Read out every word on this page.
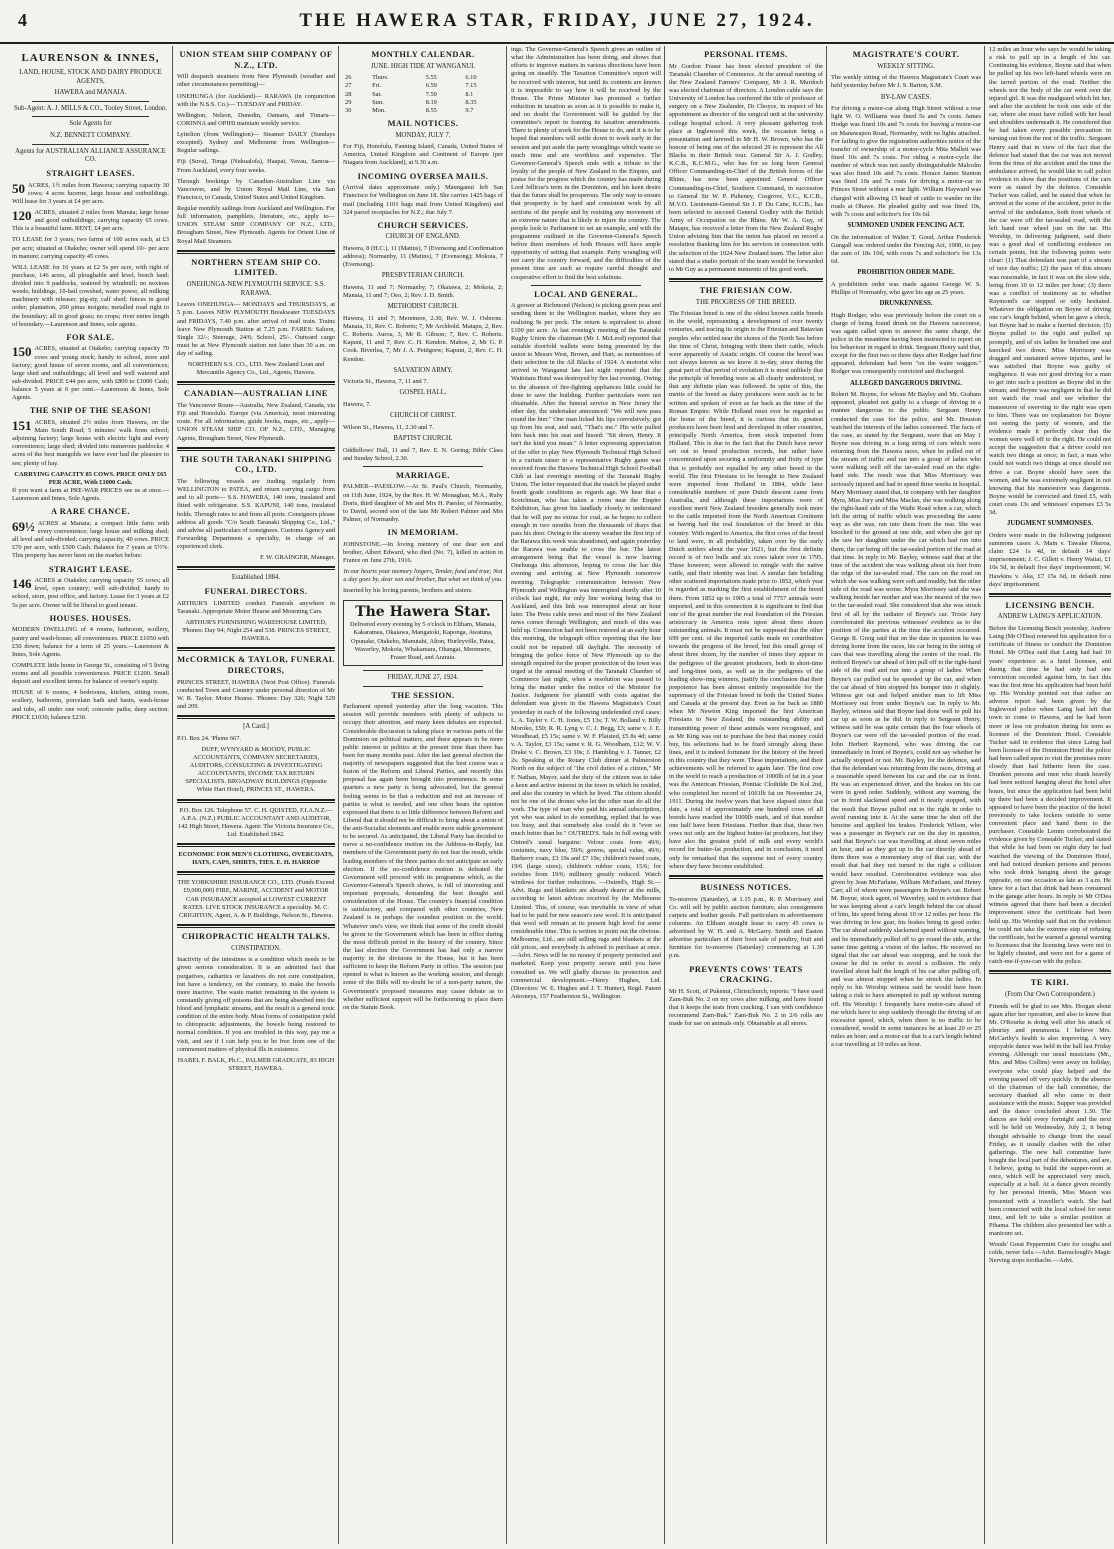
4	THE HAWERA STAR, FRIDAY, JUNE 27, 1924.
LAURENSON & INNES,
LAND, HOUSE, STOCK AND DAIRY PRODUCE AGENTS,
HAWERA and MANAIA.
Sub-Agent: A. J. MILLS & CO., Tooley Street, London.
Sole Agents for
N.Z. BENNETT COMPANY.
Agents for AUSTRALIAN ALLIANCE ASSURANCE CO.
STRAIGHT LEASES.
50 ACRES, 1½ miles from Hawera; carrying capacity 30 cows; 4 acres lucerne, large house and outbuildings. Will lease for 3 years at £4 per acre.
120 ACRES, situated 2 miles from Manaia; large house and good outbuildings; carrying capacity 65 cows. This is a beautiful farm. RENT, £4 per acre.
TO LEASE for 3 years, two farms of 100 acres each, at £3 per acre; situated at Otakeho; owner will spend 10/- per acre in manure; carrying capacity 45 cows.
WILL LEASE for 10 years at £2 5s per acre, with right of purchase, 146 acres, all ploughable and level, bench land; divided into 9 paddocks, watered by windmill; no noxious weeds; buildings, 10-bail cowshed, water power, all milking machinery with releaser, pig-sty, calf shed; fences in good order; plantation, 200 pinus insignis; metalled road right to the boundary; all in good grass; no crops; river entire length of boundary.—Laurenson and Innes, sole agents.
FOR SALE.
150 ACRES, situated at Otakeho; carrying capacity 70 cows and young stock; handy to school, store and factory; good house of seven rooms, and all conveniences; large shed and outbuildings; all level and well watered and sub-divided. PRICE £44 per acre, with £800 to £1000 Cash; balance 5 years at 6 per cent.—Laurenson & Innes, Sole Agents.
THE SNIP OF THE SEASON!
151 ACRES, situated 2½ miles from Hawera, on the Main South Road; 5 minutes' walk from school; adjoining factory; large house with electric light and every convenience; large shed; divided into numerous paddocks; 4 acres of the best mangolds we have ever had the pleasure to see; plenty of hay.
CARRYING CAPACITY 85 COWS. PRICE ONLY £65 PER ACRE, With £1000 Cash.
If you want a farm at PRE-WAR PRICES see us at once.—Laurenson and Innes, Sole Agents.
A RARE CHANCE.
69½ ACRES at Manaia; a compact little farm with every convenience; large house and milking shed; all level and sub-divided; carrying capacity, 40 cows. PRICE £70 per acre, with £500 Cash. Balance for 7 years at 5½%. This property has never been on the market before.
STRAIGHT LEASE.
146 ACRES at Otakeho; carrying capacity 55 cows; all level, open country; well sub-divided; handy to school, store, post office, and factory. Lease for 3 years at £2 5s per acre. Owner will be liberal to good tenant.
HOUSES. HOUSES.
MODERN DWELLING of 4 rooms, bathroom, scullery, pantry and wash-house; all conveniences. PRICE £1050 with £50 down; balance for a term of 25 years.—Laurenson & Innes, Sole Agents.
COMPLETE little home in George St., consisting of 5 living rooms and all possible conveniences. PRICE £1200. Small deposit and excellent terms for balance of owner's equity.
HOUSE of 6 rooms, 4 bedrooms, kitchen, sitting room, scullery, bathroom, porcelain bath and basin, wash-house and tubs, all under one roof; concrete paths; deep section. PRICE £1030; balance £230.
UNION STEAM SHIP COMPANY OF N.Z., LTD.
Will despatch steamers from New Plymouth (weather and other circumstances permitting)—
ONEHUNGA (for Auckland)— RARAWA (in conjunction with the N.S.S. Co.)— TUESDAY and FRIDAY.
Wellington, Nelson, Dunedin, Oamaru, and Timaru— CORINNA and OPIHI maintain weekly service.
Lyttelton (from Wellington)— Steamer DAILY (Sundays excepted). Sydney and Melbourne from Wellington—Regular sailings.
Fiji (Suva), Tonga (Nukualofa), Haapai, Vavau, Samoa— From Auckland, every four weeks.
Through bookings by Canadian-Australian Line via Vancouver, and by Union Royal Mail Line, via San Francisco, to Canada, United States and United Kingdom.
Regular monthly sailings from Auckland and Wellington. For full information, pamphlets, literature, etc., apply to— UNION STEAM SHIP COMPANY OF N.Z., LTD., Brougham Street, New Plymouth. Agents for Orient Line of Royal Mail Steamers.
NORTHERN STEAM SHIP CO. LIMITED.
ONEHUNGA-NEW PLYMOUTH SERVICE. S.S. RARAWA.
Leaves ONEHUNGA— MONDAYS and THURSDAYS, at 5 p.m. Leaves NEW PLYMOUTH Breakwater TUESDAYS and FRIDAYS, 7.40 p.m. after arrival of mail train. Trains leave New Plymouth Station at 7.25 p.m. FARES: Saloon, Single 32/-; Steerage, 24/6; School, 25/-. Outward cargo must be at New Plymouth station not later than 30 a.m. on day of sailing.
NORTHERN S.S. CO., LTD. New Zealand Loan and Mercantile Agency Co., Ltd., Agents, Hawera.
CANADIAN—AUSTRALIAN LINE
The Vancouver Route—Australia, New Zealand, Canada, via Fiji and Honolulu. Europe (via America), most interesting route. For all information, guide books, maps, etc., apply— UNION STEAM SHIP CO. OF N.Z., LTD., Managing Agents, Brougham Street, New Plymouth.
THE SOUTH TARANAKI SHIPPING CO., LTD.
The following vessels are trading regularly from WELLINGTON to PATEA, and return carrying cargo from and to all ports— S.S. HAWERA, 140 tons, insulated and fitted with refrigerator. S.S. KAPUNI, 140 tons, insulated holds. Through rates to and from all ports. Consignors please address all goods "C/o South Taranaki Shipping Co., Ltd.," and advise all particulars of consignees. Customs Agency and Forwarding Department a specialty, in charge of an experienced clerk.
F. W. GRAINGER, Manager.
Established 1884.
FUNERAL DIRECTORS.
ARTHUR'S LIMITED conduct Funerals anywhere in Taranaki. Appropriate Motor Hearse and Mourning Cars.
ARTHUR'S FURNISHING WAREHOUSE LIMITED, 'Phones: Day 94; Night 254 and 538. PRINCES STREET, HAWERA.
McCORMICK & TAYLOR, FUNERAL DIRECTORS,
PRINCES STREET, HAWERA (Next Post Office). Funerals conducted Town and Country under personal direction of Mr W. R. Taylor. Motor Hearse. 'Phones: Day 326; Night 529 and 209.
[A Card.]
P.O. Box 24. 'Phone 667.
DUFF, WYNYARD & MOODY, PUBLIC ACCOUNTANTS, COMPANY SECRETARIES, AUDITORS, CONSULTING & INVESTIGATING ACCOUNTANTS, INCOME TAX RETURN SPECIALISTS. BROADWAY BUILDINGS (Opposite White Hart Hotel), PRINCES ST., HAWERA.
P.O. Box 126. Telephone 57. C. H. QUISTED, F.I.A.N.Z.—A.P.A. (N.Z.) PUBLIC ACCOUNTANT AND AUDITOR, 142 High Street, Hawera. Agent: The Victoria Insurance Co., Ltd. Established 1842.
ECONOMIC FOR MEN'S CLOTHING, OVERCOATS, HATS, CAPS, SHIRTS, TIES. E. H. HARROP
THE YORKSHIRE INSURANCE CO., LTD. (Funds Exceed £9,000,000) FIRE, MARINE, ACCIDENT and MOTOR CAR INSURANCE accepted at LOWEST CURRENT RATES. LIVE STOCK INSURANCE a speciality. M. C. CRIGHTON, Agent, A. & P. Buildings, Nelson St., Hawera.
CHIROPRACTIC HEALTH TALKS.
CONSTIPATION.
Inactivity of the intestines is a condition which needs to be given serious consideration. It is an admitted fact that purgatives, cathartics or laxatives do not cure constipation, but have a tendency, on the contrary, to make the bowels more inactive. The waste matter remaining in the system is constantly giving off poisons that are being absorbed into the blood and lymphatic streams, and the result is a general toxic condition of the entire body. Most forms of constipation yield to chiropractic adjustments, the bowels being restored to normal condition. If you are troubled in this way, pay me a visit, and see if I can help you to be free from one of the commonest matters of physical ills in existence.
ISABEL F. BALK, Ph.C., PALMER GRADUATE, 83 HIGH STREET, HAWERA.
MONTHLY CALENDAR.
JUNE. HIGH TIDE AT WANGANUI.
26	Thurs.	5.55	6.10
27	Fri.	6.59	7.15
28	Sat.	7.50	8.1
29	Sun.	8.19	8.35
30	Mon.	8.55	9.7
MAIL NOTICES.
MONDAY, JULY 7.
For Fiji, Honolulu, Fanning Island, Canada, United States of America, United Kingdom and Continent of Europe (per Niagara from Auckland), at 9.30 a.m.
INCOMING OVERSEA MAILS.
(Arrival dates approximate only.) Maunganui left San Francisco for Wellington on June 18. She carries 1425 bags of mail (including 1101 bags mail from United Kingdom) and 324 parcel receptacles for N.Z.; due July 7.
CHURCH SERVICES.
CHURCH OF ENGLAND.
Hawera, 8 (H.C.), 11 (Matins), 7 (Evensong and Confirmation address); Normanby, 11 (Matins), 7 (Evensong); Mokoia, 7 (Evensong).
PRESBYTERIAN CHURCH.
Hawera, 11 and 7; Normanby, 7; Okaiawa, 2; Mokoia, 2; Manaia, 11 and 7; Oeo, 2; Rev. J. D. Smith.
METHODIST CHURCH.
Hawera, 11 and 7; Meremere, 2.30, Rev. W. J. Osborne. Manaia, 11, Rev. C. Roberts; 7, Mr Archbold. Matapu, 2, Rev. C. Roberts. Auroa, 3, Mr R. Gibson; 7, Rev. C. Roberts. Kapuni, 11 and 7, Rev. C. H. Kendon. Mahoe, 2, Mr G. P. Cook. Riverlea, 7, Mr J. A. Pettigrew; Kapuni, 2, Rev. C. H. Kendon.
SALVATION ARMY.
Victoria St., Hawera, 7, 11 and 7.
GOSPEL HALL.
Hawera, 7.
CHURCH OF CHRIST.
Wilson St., Hawera, 11, 2.30 and 7.
BAPTIST CHURCH.
Oddfellows' Hall, 11 and 7, Rev. E. N. Goring; Bible Class and Sunday School, 2.30.
MARRIAGE.
PALMER—PAESLOW.—At St. Paul's Church, Normanby, on 11th June, 1924, by the Rev. H. W. Monaghan, M.A., Ruby Doris, third daughter of Mr and Mrs H. Paesler, of Normanby, to David, second son of the late Mr Robert Palmer and Mrs Palmer, of Normanby.
IN MEMORIAM.
JOHNSTONE.—In loving memory of our dear son and brother, Albert Edward, who died (No. 7), killed in action in France on June 27th, 1916.
In our hearts your memory lingers, Tender, fond and true; Not a day goes by, dear son and brother, But what we think of you.
Inserted by his loving parents, brothers and sisters.
The Hawera Star.
Delivered every evening by 5 o'clock in Eltham, Manaia, Kakaramea, Okaiawa, Mangatoki, Kaponga, Awatuna, Opunake, Otakeho, Manutahi, Alton, Hurleyville, Patea, Waverley, Mokoia, Whakamara, Ohangai, Meremere, Fraser Road, and Ararata.
FRIDAY, JUNE 27, 1924.
THE SESSION.
Parliament opened yesterday after the long vacation. This session will provide members with plenty of subjects to occupy their attention, and many keen debates are expected. Considerable discussion is taking place in various parts of the Dominion on political matters, and there appears to be more public interest in politics at the present time than there has been for many months past. After the last general election the majority of newspapers suggested that the best course was a fusion of the Reform and Liberal Parties, and recently this proposal has again been brought into prominence. In some quarters a new party is being advocated, but the general feeling seems to be that a reduction and not an increase of parties is what is needed, and one often hears the opinion expressed that there is so little difference between Reform and Liberal that it should not be difficult to bring about a union of the anti-Socialist elements and enable more stable government to be secured. As anticipated, the Liberal Party has decided to move a no-confidence motion on the Address-in-Reply, but members of the Government party do not fear the result, while leading members of the three parties do not anticipate an early election. If the no-confidence motion is defeated the Government will proceed with its programme which, as the Governor-General's Speech shows, is full of interesting and important proposals, demanding the best thought and consideration of the House. The country's financial condition is satisfactory, and compared with other countries, New Zealand is in perhaps the soundest position in the world. Whatever one's view, we think that some of the credit should be given to the Government which has been in office during the most difficult period in the history of the country. Since the last election the Government has had only a narrow majority in the divisions in the House, but it has been sufficient to keep the Reform Party in office. The session just opened is what is known as the working session, and though some of the Bills will no doubt be of a non-party nature, the Government's proposed measures may cause debate as to whether sufficient support will be forthcoming to place them on the Statute Book.
ings. The Governor-General's Speech gives an outline of what the Administration has been doing, and shows that efforts to improve matters in various directions have been going on steadily. The Taxation Committee's report will be received with interest, but until its contents are known it is impossible to say how it will be received by the House. The Prime Minister has promised a further reduction in taxation as soon as it is possible to make it, and no doubt the Government will be guided by the committee's report in framing its taxation amendments. There is plenty of work for the House to do, and it is to be hoped that members will settle down to work early in the session and put aside the party wranglings which waste so much time and are worthless and expensive. The Governor-General's Speech ends with a tribute to the loyalty of the people of New Zealand to the Empire, and praise for the progress which the country has made during Lord Jellicoe's term in the Dominion, and his keen desire that the future shall be prosperous. The only way to ensure that prosperity is by hard and consistent work by all sections of the people and by resisting any movement of an extreme nature that is likely to injure the country. The people look to Parliament to set an example, and with the programme outlined in the Governor-General's Speech before them members of both Houses will have ample opportunity of setting that example. Party wrangling will not carry the country forward, and the difficulties of the present time are such as require careful thought and cooperative effort to find the best solutions.
LOCAL AND GENERAL.
A grower at Richmond (Nelson) is picking green peas and sending them to the Wellington market, where they are realising 9s per peck. The return is equivalent to about £100 per acre. At last evening's meeting of the Taranaki Rugby Union the chairman (Mr J. McLeod) reported that suitable doorfold wallets were being presented by the union to Messrs West, Brown, and Hart, as mementoes of their selection in the All Blacks of 1924. A motorist who arrived in Wanganui late last night reported that the Waitotara Hotel was destroyed by fire last evening. Owing to the absence of fire-fighting appliances little could be done to save the building. Further particulars were not obtainable. After the funeral service in New Jersey the other day, the undertaker announced: "We will now pass round the bier." One man licked his lips convulsively, got up from his seat, and said, "That's me." His wife pulled him back into his seat and hissed: "Sit down, Henry. It isn't the kind you mean." A letter expressing appreciation of the offer to play New Plymouth Technical High School in a curtain raiser to a representative Rugby game was received from the Hawera Technical High School Football Club at last evening's meeting of the Taranaki Rugby Union. The letter requested that the match be played under fourth grade conditions as regards age. We hear that a Scotchman, who has taken a room near the Empire Exhibition, has given his landlady closely to understand that he will pay no extras for coal, as he hopes to collect enough in two months from the thousands of drays that pass his door. Owing to the stormy weather the first trip of the Rarawa this week was abandoned, and again yesterday the Rarawa was unable to cross the bar. The latest arrangement being that the vessel is now leaving Onehunga this afternoon, hoping to cross the bar this evening and arriving at New Plymouth tomorrow morning. Telegraphic communication between New Plymouth and Wellington was interrupted shortly after 10 o'clock last night, the only line working being that to Auckland, and this link was interrupted about an hour later. The Press cable news and most of the New Zealand news comes through Wellington, and much of this was held up. Connection had not been restored at an early hour this morning, the telegraph office reporting that the line could not be repaired till daylight. The necessity of bringing the police force of New Plymouth up to the strength required for the proper protection of the town was urged at the annual meeting of the Taranaki Chamber of Commerce last night, when a resolution was passed to bring the matter under the notice of the Minister for Justice. Judgment for plaintiff with costs against the defendant was given in the Hawera Magistrate's Court yesterday in each of the following undefended civil cases: L. A. Taylor v. C. H. Jones, £5 13s; T. W. Bolland v. Billy Moroko, £50; R. R. Lyng v. C. J. Begg, £3; same v. J. E. Woodhead, £5 15s; same v. W. F. Plaisted, £5 8s 4d; same v. A. Taylor, £3 15s; same v. R. G. Woodham, £12; W. V. Drake v. C. Brown, £3 10s; J. Hambling v. J. Tanner, £2 2s. Speaking at the Rotary Club dinner at Palmerston North on the subject of "the civil duties of a citizen," Mr F. Nathan, Mayor, said the duty of the citizen was to take a keen and active interest in the town in which he resided, and also the country in which he lived. The citizen should not be one of the drones who let the other man do all the work. The type of man who paid his annual subscription, yet who was asked to do something, replied that he was too busy, and that somebody else could do it "ever so much better than he." OUTRED'S. Sale in full swing with Outred's usual bargains: Velour coats from 49/6; costumes, navy blue, 59/6; gowns, special value, 49/6; Barberry coats, £3 19s and £7 19s; children's tweed coats, 19/6 (large sizes); children's rubber coats, 15/6; for swishes from 19/6; millinery greatly reduced. Watch windows for further reductions. —Outred's, High St.—Advt. Rugs and blankets are already dearer at the mills, according to latest advices received by the Melbourne Limited. This, of course, was inevitable in view of what had to be paid for new season's raw wool. It is anticipated that wool will remain at its present high level for some considerable time. This is written to point out the obvious. Melbourne, Ltd., are still selling rugs and blankets at the old prices, and everybody is advised to purchase at once.—Advt. News will be no money if property protected and marketed. Keep your property secure until you have consulted us. We will gladly discuss its protection and commercial development.—Henry Hughes, Ltd. (Directors: W. E. Hughes and J. T. Hunter), Regd. Patent Attorneys, 157 Featherston St., Wellington.
PERSONAL ITEMS.
Mr Gordon Fraser has been elected president of the Taranaki Chamber of Commerce. At the annual meeting of the New Zealand Farmers' Company, Mr J. R. Murdoch was elected chairman of directors. A London cable says the University of London has conferred the title of professor of surgery on a New Zealander, Dr Choyce, in respect of his appointment as director of the surgical unit at the university college hospital school. A very pleasant gathering took place at Inglewood this week, the occasion being a presentation and farewell to Mr H. W. Brown, who has the honour of being one of the selected 29 to represent the All Blacks in their British tour. General Sir A. J. Godley, K.C.B., K.C.M.G., who has for so long been General Officer Commanding-in-Chief of the British forces of the Rhine, has now been appointed General Officer Commanding-in-Chief, Southern Command, in succession to General Sir W. P. Pulteney, Cosgrove, V.C., K.C.B., M.V.O. Lieutenant-General Sir J. P. Du Cane, K.C.B., has been selected to succeed General Godley with the British Army of Occupation on the Rhine. Mr W. A. Guy, of Matapu, has received a letter from the New Zealand Rugby Union advising him that the union has placed on record a resolution thanking him for his services in connection with the selection of the 1924 New Zealand team. The letter also stated that a studio portrait of the team would be forwarded to Mr Guy as a permanent memento of his good work.
THE FRIESIAN COW.
THE PROGRESS OF THE BREED.
The Friesian breed is one of the oldest known cattle breeds in the world, representing a development of over twenty centuries, and tracing its origin to the Friesian and Batavian peoples who settled near the shores of the North Sea before the time of Christ, bringing with them their cattle, which were apparently of Asiatic origin. Of course the breed was not always known as we know it to-day, since during the great part of that period of evolution it is most unlikely that the principle of breeding were as all clearly understood, or that any definite plan was followed. In spite of this, the merits of the breed as dairy producers were such as to be written and spoken of even as far back as the time of the Roman Empire. While Holland must ever be regarded as the home of the breed, it is curious that its greatest producers have been bred and developed in other countries, principally North America, from stock imported from Holland. This is due to the fact that the Dutch have never set out to breed production records, but rather have concentrated upon securing a uniformity and fixity of type that is probably not equalled by any other breed in the world. The first Friesians to be brought to New Zealand were imported from Holland in 1884, while later considerable numbers of pure Dutch descent came from Australia, and although these importations were of excellent merit New Zealand breeders generally took more to the cattle imported from the North American Continent as having had the real foundation of the breed in this country. With regard to America, the first cows of the breed to land were, in all probability, taken over by the early Dutch settlers about the year 1621, but the first definite record is of two bulls and six cows taken over in 1795. These however, were allowed to mingle with the native cattle, and their identity was lost. A similar fate befalling other scattered importations made prior to 1852, which year is regarded as marking the first establishment of the breed there. From 1852 up to 1905 a total of 7757 animals were imported, and in this connection it is significant to find that one of the great number the real foundation of the Friesian aristocracy in America rests upon about three dozen outstanding animals. It must not be supposed that the other 699 per cent. of the imported cattle made no contribution towards the progress of the breed, but this small group of about three dozen, by the number of times they appear in the pedigrees of the greatest producers, both in short-time and long-time tests, as well as in the pedigrees of the leading show-ring winners, justify the conclusion that their prepotence has been almost entirely responsible for the supremacy of the Friesian breed in both the United States and Canada at the present day. Even as far back as 1880 when Mr Newton King imported the first American Friesians to New Zealand, the outstanding ability and transmitting power of these animals were recognised, and as Mr King was out to purchase the best that money could buy, his selections had to be fixed strongly along these lines, and it is indeed fortunate for the history of the breed in this country that they were. These importations, and their achievements will be referred to again later. The first cow in the world to reach a production of 1000lb of fat in a year was the American Friesian, Pontiac Clothilde De Kol 2nd, who completed her record of 1061lb fat on November 24, 1911. During the twelve years that have elapsed since that date, a total of approximately one hundred cows of all breeds have reached the 1000lb mark, and of that number one half have been Friesians. Further than that, these two cows not only are the highest butter-fat producers, but they have also the greatest yield of milk and every world's record for butter-fat production, and in conclusion, it need only be remarked that the supreme test of every country where they have become established.
BUSINESS NOTICES.
To-morrow (Saturday), at 1.15 p.m., R. P. Morrissey and Co. will sell by public auction furniture, also consignment carpets and leather goods. Full particulars in advertisement columns. An Eltham straight lease to carry 45 cows is advertised by W. H. and A. McGarry. Smith and Easton advertise particulars of their boot sale of poultry, fruit and furniture for to-morrow (Saturday) commencing at 1.30 p.m.
PREVENTS COWS' TEATS CRACKING.
Mr H. Scott, of Pukenui, Christchurch, reports: "I have used Zam-Buk No. 2 on my cows after milking, and have found that it keeps the teats from cracking. I can with confidence recommend Zam-Buk." Zam-Buk No. 2 in 2/6 rolls are made for use on animals only. Obtainable at all stores.
MAGISTRATE'S COURT.
WEEKLY SITTING.
The weekly sitting of the Hawera Magistrate's Court was held yesterday before Mr J. S. Barton, S.M.
BY-LAW CASES.
For driving a motor-car along High Street without a rear light W. O. Williams was fined 5s and 7s costs. James Hodge was fined 10s and 7s costs for leaving a motor-car on Manawapou Road, Normanby, with no lights attached. For failing to give the registration authorities notice of the transfer of ownership of a motor-cycle Mita Mallett was fined 10s and 7s costs. For riding a motor-cycle the number of which was not easily distinguishable Malcolm was also fined 10s and 7s costs. Horace James Stanton was fined 10s and 7s costs for driving a motor-car in Princes Street without a rear light. William Hayward was charged with allowing 15 head of cattle to wander on the roads at Ohawe. He pleaded guilty and was fined 10s, with 7s costs and solicitor's fee 10s 6d.
SUMMONED UNDER FENCING ACT.
On the information of Walter T. Good, Arthur Frederick Gungall was ordered under the Fencing Act, 1908, to pay the sum of 18s 10d, with costs 7s and solicitor's fee 13s 6d.
PROHIBITION ORDER MADE.
A prohibition order was made against George W. S. Phillips of Normanby, who gave his age as 25 years.
DRUNKENNESS.
Hugh Rodger, who was previously before the court on a charge of being found drunk on the Hawera racecourse, was again called upon to answer the same charge, the police in the meantime having been instructed to report on his behaviour in regard to drink. Sergeant Henry said that, except for the first two or three days after Rodger had first appeared, defendant had been "on the water waggon." Rodger was consequently convicted and discharged.
ALLEGED DANGEROUS DRIVING.
Robert M. Boyne, for whom Mr Bayley and Mr. Graham appeared, pleaded not guilty to a charge of driving in a manner dangerous to the public. Sergeant Henry conducted the case for the police, and Mr. Houston watched the interests of the ladies concerned. The facts of the case, as stated by the Sergeant, were that on May 1 Boyne was driving in a long string of cars which were returning from the Hawera races, when he pulled out of the stream of traffic and ran into a group of ladies who were walking well off the tar-sealed road on the right-hand side. The result was that Miss Morrissey was seriously injured and had to spend three weeks in hospital. Mary Morrissey stated that, in company with her daughter Myra, Miss Jury and Miss Maclan, she was walking along the right-hand side of the Waihi Road when a car, which left the string of traffic which was proceeding the same way as she was, ran into them from the rear. She was knocked to the ground at one side, and when she got up she saw her daughter under the car which had run into them, the car being off the tar-sealed portion of the road at that time. In reply to Mr. Bayley, witness said that at the time of the accident she was walking about six feet from the edge of the tar-sealed road. The cars on the road on which she was walking were soft and muddy, but the other side of the road was worse. Myra Morrissey said she was walking beside her mother and was the nearest of the two to the tar-sealed road. She considered that she was struck first of all by the radiator of Boyne's car. Trixie Jury corroborated the previous witnesses' evidence as to the position of the parties at the time the accident occurred. George R. Greig said that on the date in question he was driving home from the races, his car being in the string of cars that was travelling along the centre of the road. He noticed Boyne's car ahead of him pull off to the right-hand side of the road and run into a group of ladies. When Boyne's car pulled out he speeded up the car, and when the car ahead of him stopped his bumper into it slightly. Witness got out and helped another man to lift Miss Morrissey out from under Boyne's car. In reply to Mr. Bayley, witness said that Boyne had done well to pull his car up as soon as he did. In reply to Sergeant Henry, witness said he was quite certain that the four wheels of Boyne's car were off the tar-sealed portion of the road. John Herbert Raymond, who was driving the car immediately in front of Boyne's, could not say whether he actually stopped or not. Mr. Bayley, for the defence, said that the defendant was returning from the races, driving at a reasonable speed between his car and the car in front. He was an experienced driver, and the brakes on his car were in good order. Suddenly, without any warning, the car in front slackened speed and it nearly stopped, with the result that Boyne pulled out to the right in order to avoid running into it. At the same time he shut off the benzine and applied his brakes. Frederick Wilson, who was a passenger in Boyne's car on the day in question, said that Boyne's car was travelling at about seven miles an hour, and as they got up to the car directly ahead of them there was a momentary stop of that car, with the result that had they not turned to the right a collision would have resulted. Corroborative evidence was also given by Jean McFarlane, William McFarlane, and Henry Carr, all of whom were passengers in Boyne's car. Robert M. Boyne, stock agent, of Waverley, said in evidence that he was keeping about a car's length behind the car ahead of him, his speed being about 10 or 12 miles per hour. He was driving in low gear, his brakes being in good order. The car ahead suddenly slackened speed without warning, and he immediately pulled off to go round the side, at the same time getting a vision of the ladies. He received no signal that the car ahead was stopping, and he took the course he did in order to avoid a collision. He only travelled about half the length of his car after pulling off, and was almost stopped when he struck the ladies. In reply to his Worship witness said he would have been taking a risk to have attempted to pull up without turning off. His Worship: I frequently have motor-cars ahead of me which have to stop suddenly through the driving of an excessive speed, which, when there is no traffic to be considered, would in some instances be at least 20 or 25 miles an hour; and a motor-car that is a car's length behind a car travelling at 10 miles an hour.
12 miles an hour who says he would be taking a risk to pull up in a length of his car. Continuing his evidence, Boyne said that when he pulled up his two left-hand wheels were on the tarred portion of the road. Neither the wheels nor the body of the car went over the injured girl. It was the mudguard which hit her, and after the accident he took one side of the car, where she must have rolled with her head and shoulders underneath it. He considered that he had taken every possible precaution in turning out from the rest of the traffic. Sergeant Henry said that in view of the fact that the defence had stated that the car was not moved from the time of the accident until the time the ambulance arrived, he would like to call police evidence to show that the positions of the cars were as stated by the defence. Constable Tucker was called, and he stated that when he arrived at the scene of the accident, prior to the arrival of the ambulance, both front wheels of the car were off the tar-sealed road, with the left hand rear wheel just on the tar. His Worship, in delivering judgment, said there was a good deal of conflicting evidence on certain points, but the following points were clear: (1) That defendant was part of a stream of race day traffic; (2) the pace of this stream was reasonable, in fact it was on the slow side, being from 10 to 12 miles per hour; (3) there was a conflict of testimony as to whether Raymond's car stopped or only hesitated. Whatever the obligation on Boyne of driving one car's length behind, when he gave a check, but Boyne had to make a hurried decision. (5) Boyne pulled to the right and pulled up promptly, and of six ladies he brushed one and knocked two down. Miss Morrissey was dragged and sustained severe injuries, and he was satisfied that Boyne was guilty of negligence. It was not good driving for a man to get into such a position as Boyne did in the stream, and Boyne was negligent in that he did not watch the road and see whether the manoeuvre of swerving to the right was open to him. There was no explanation for Boyne not seeing the party of women, and the evidence made it perfectly clear that the women were well off to the right. He could not accept the suggestion that a driver could not watch two things at once; in fact, a man who could not watch two things at once should not drive a car. Boyne should have seen the women, and he was extremely negligent in not knowing that his manoeuvre was dangerous. Boyne would be convicted and fined £5, with court costs 13s and witnesses' expenses £3 5s 3d.
JUDGMENT SUMMONSES.
Orders were made in the following judgment summons cases: A. Main v. Tawake Okeroa, claim £24 1s 4d, in default 14 days' imprisonment; J. C. Gillett v. Henry Waitai, £1 10s 5d, in default five days' imprisonment; W. Hawkins v. Aka, £7 15s 6d, in default nine days' imprisonment.
LICENSING BENCH.
ANDREW LAING'S APPLICATION.
Before the Licensing Bench yesterday, Andrew Laing (Mr O'Dea) renewed his application for a certificate of fitness to conduct the Dominion Hotel. Mr O'Dea said that Laing had had 10 years' experience as a hotel licensee, and during that time he had only had one conviction recorded against him, in fact this was the first time his application had been held up. His Worship pointed out that rather an adverse report had been given by the Inglewood police when Laing had left that town to come to Hawera, and he had been more or less on probation during his term as licensee of the Dominion Hotel. Constable Tucker said in evidence that since Laing had been licensee of the Dominion Hotel the police had been called upon to visit the premises more closely than had hitherto been the case. Drunken persons and men who drank heavily had been noticed hanging about the hotel after hours, but since the application had been held up there had been a decided improvement. It appeared to have been the practice of the hotel previously to take lockers outside to some convenient place and hand them to the purchaser. Constable Lemm corroborated the evidence given by Constable Tucker, and stated that while he had been on night duty he had watched the viewing of the Dominion Hotel, and had noticed drunken persons and persons who took drink hanging about the garage opposite, on one occasion as late as 3 a.m. He knew for a fact that drink had been consumed in the garage after hours. In reply to Mr O'Dea witness agreed that there had been a decided improvement since the certificate had been held up. His Worship said that on the evidence he could not take the extreme step of refusing the certificate, but he warned a general warning to licensees that the licensing laws were not to be lightly cheated, and were not for a game of catch-me-if-you-can with the police.
TE KIRI.
(From Our Own Correspondent.)
Friends will be glad to see Mrs. Horgan about again after her operation, and also to know that Mr. O'Rourke is doing well after his attack of pleurisy and pneumonia. I believe Mrs. McCarthy's health is also improving. A very enjoyable dance was held in the hall last Friday evening. Although our usual musicians (Mr., Mrs. and Miss Collins) were away on holiday, everyone who could play helped and the evening passed off very quickly. In the absence of the chairman of the hall committee, the secretary thanked all who came in their assistance with the music. Supper was provided and the dance concluded about 1.30. The dances are held every fortnight and the next will be held on Wednesday, July 2, it being thought advisable to change from the usual Friday, as it usually clashes with the other gatherings. The new hall committee have bought the local part of the debentures, and are, I believe, going to build the supper-room at once, which will be appreciated very much, especially at a ball. At a dance given recently by her personal friends, Miss Mason was presented with a traveller's watch. She had been connected with the local school for some time, and left to take a similar position at Pihama. The children also presented her with a manicure set.
Woods' Great Peppermint Cure for coughs and colds, never fails.—Advt. Barraclough's Magic Nerving stops toothache.—Advt.
